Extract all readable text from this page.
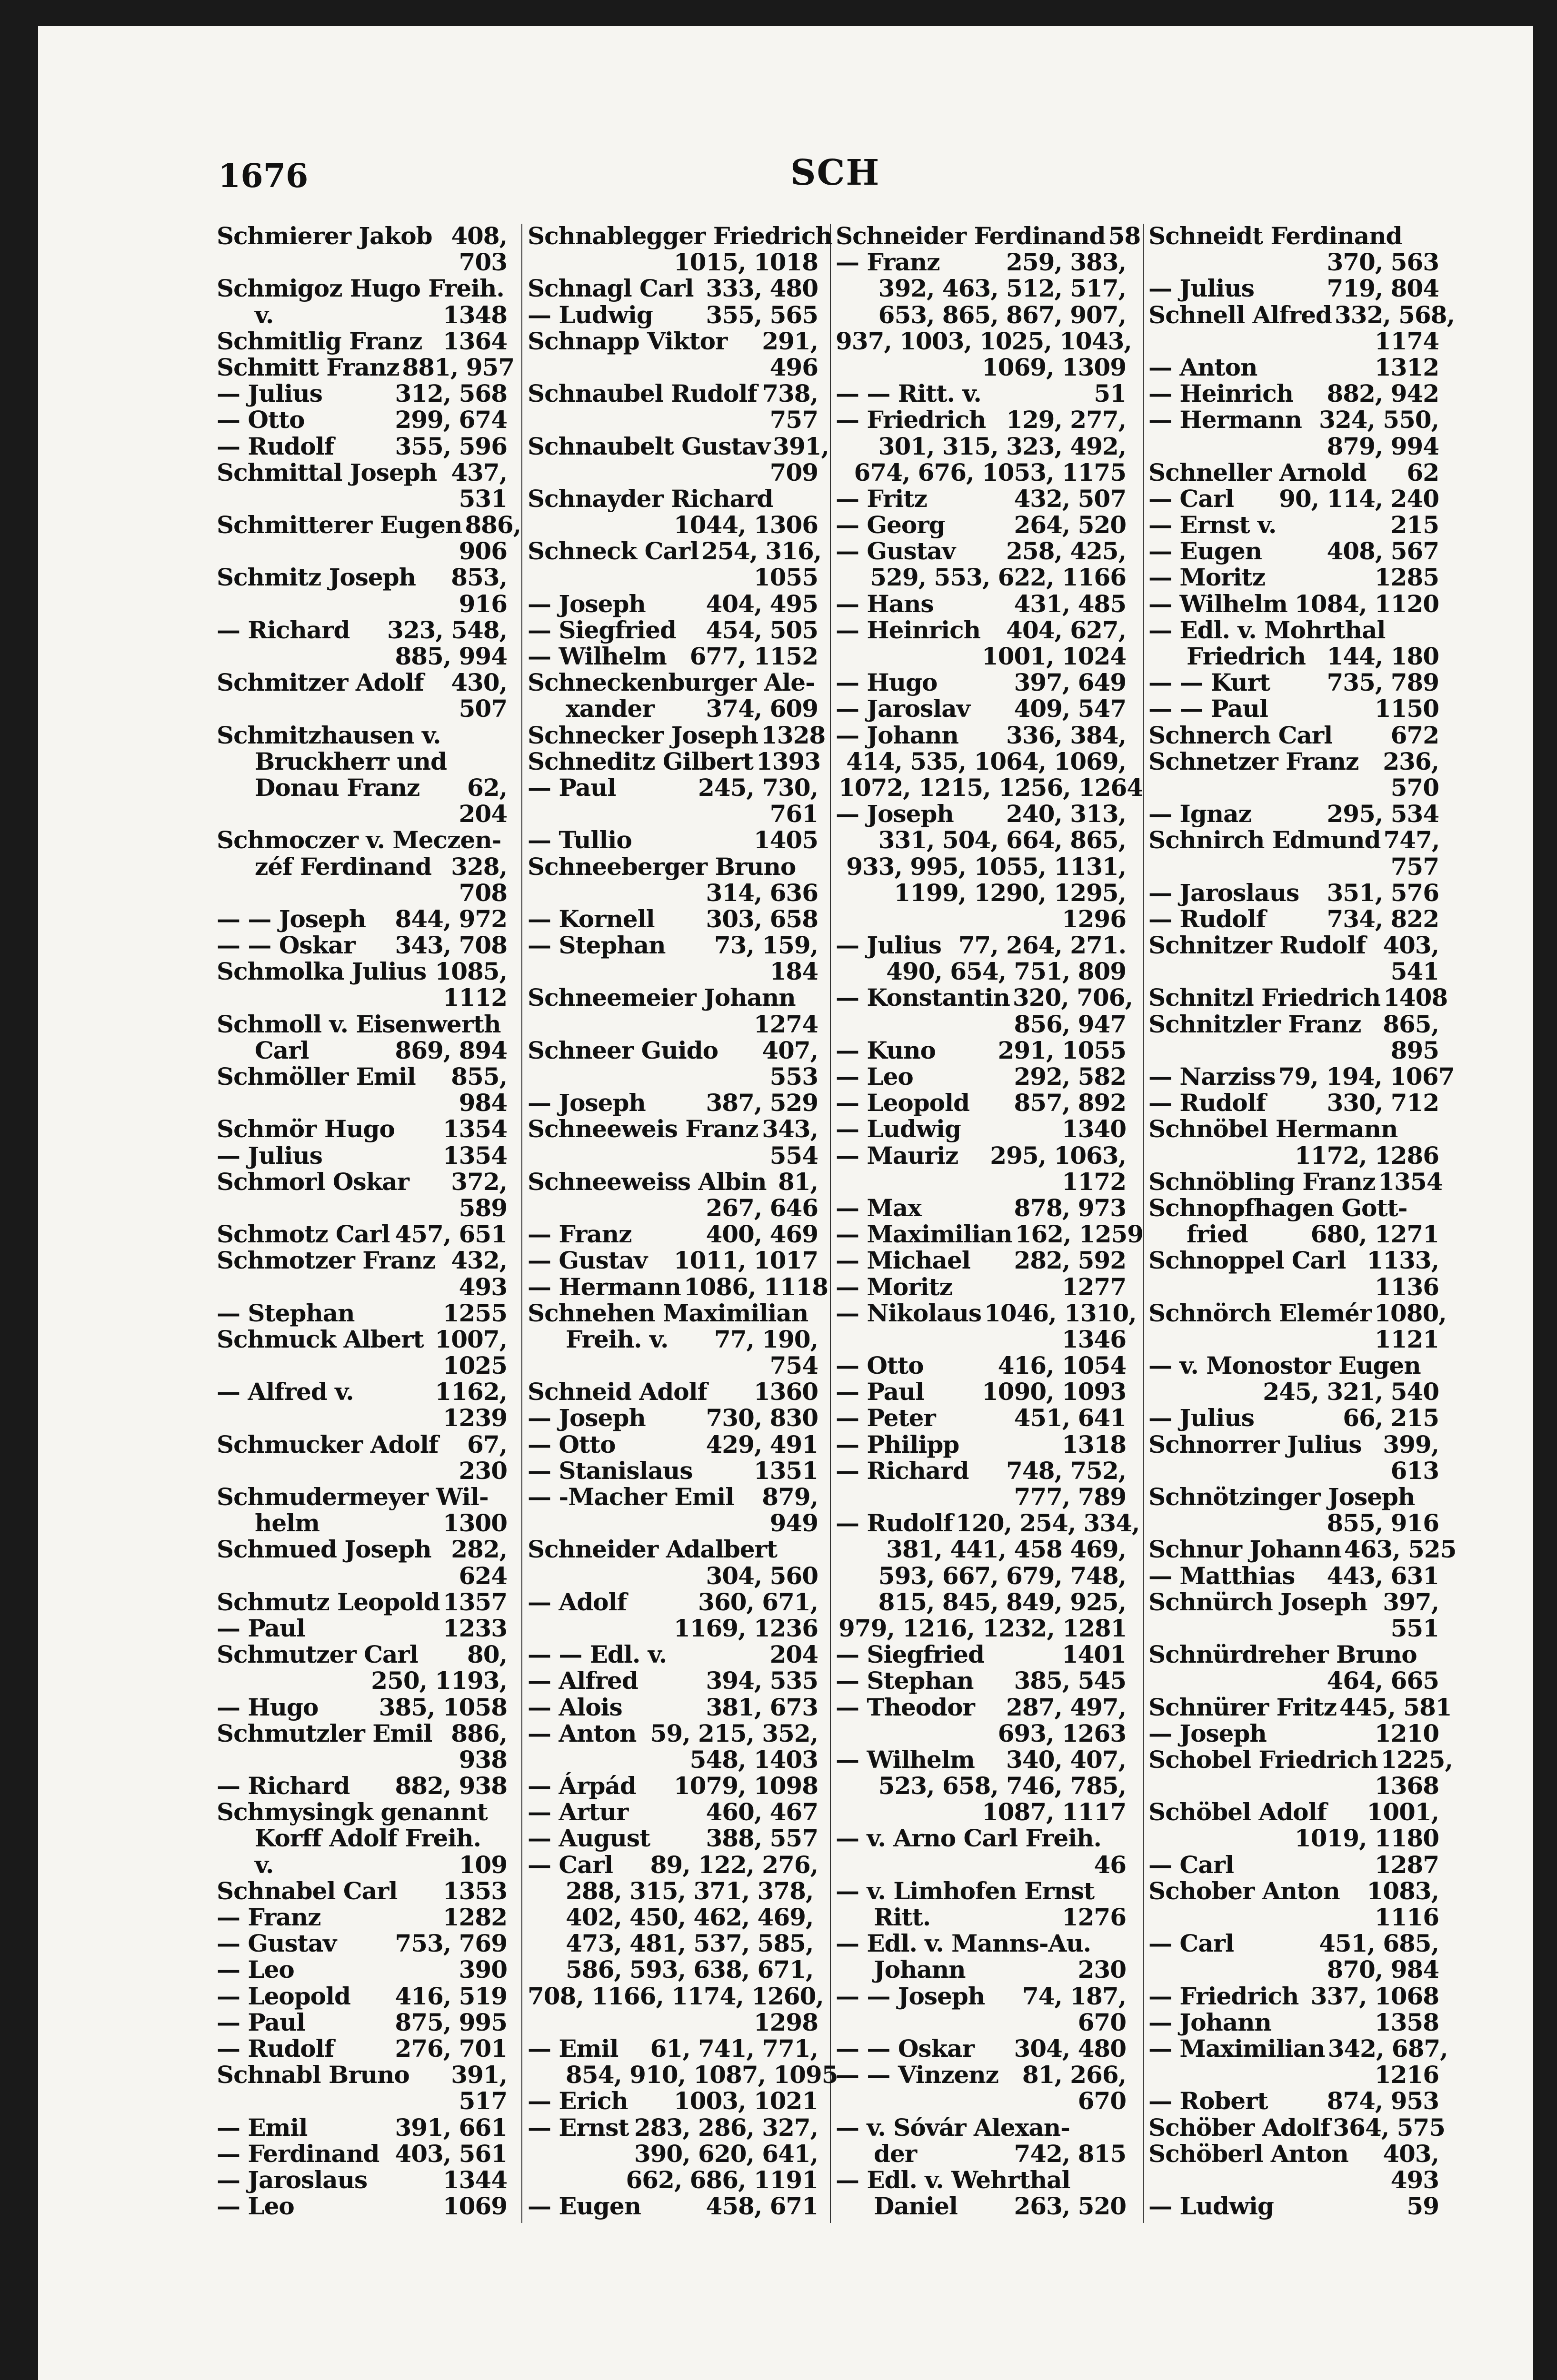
1676	SCH
Schmierer Jakob 408,
703
Schmigoz Hugo Freih.
v.	1348
Schmitlig Franz 1364
Schmitt Franz 881, 957
— Julius	312, 568
— Otto	299, 674
— Rudolf	355, 596
Schmittal Joseph 437,
531
Schmitterer Eugen 886,
906
Schmitz Joseph 853,
916
— Richard 323, 548,
885, 994
Schmitzer Adolf 430,
507
Schmitzhausen v.
Bruckherr und
Donau Franz 62,
204
Schmoczer v. Meczen-
zéf Ferdinand 328,
708
— — Joseph 844, 972
— — Oskar 343, 708
Schmolka Julius 1085,
1112
Schmoll v. Eisenwerth
Carl	869, 894
Schmöller Emil 855,
984
Schmör Hugo 1354
— Julius	1354
Schmorl Oskar 372,
589
Schmotz Carl 457, 651
Schmotzer Franz 432,
493
— Stephan	1255
Schmuck Albert 1007,
1025
— Alfred v.	1162,
1239
Schmucker Adolf 67,
230
Schmudermeyer Wil-
helm	1300
Schmued Joseph 282,
624
Schmutz Leopold 1357
— Paul	1233
Schmutzer Carl 80,
250, 1193,
— Hugo	385, 1058
Schmutzler Emil 886,
938
— Richard 882, 938
Schmysingk genannt
Korff Adolf Freih.
v.	109
Schnabel Carl 1353
— Franz	1282
— Gustav 753, 769
— Leo	390
— Leopold 416, 519
— Paul	875, 995
— Rudolf	276, 701
Schnabl Bruno 391,
517
— Emil	391, 661
— Ferdinand 403, 561
— Jaroslaus	1344
— Leo	1069
Schnablegger Friedrich
1015, 1018
Schnagl Carl 333, 480
— Ludwig 355, 565
Schnapp Viktor 291,
496
Schnaubel Rudolf 738,
757
Schnaubelt Gustav 391,
709
Schnayder Richard
1044, 1306
Schneck Carl 254, 316,
1055
— Joseph	404, 495
— Siegfried 454, 505
— Wilhelm 677, 1152
Schneckenburger Ale-
xander 374, 609
Schnecker Joseph 1328
Schneditz Gilbert 1393
— Paul	245, 730,
761
— Tullio	1405
Schneeberger Bruno
314, 636
— Kornell 303, 658
— Stephan 73, 159,
184
Schneemeier Johann
1274
Schneer Guido 407,
553
— Joseph	387, 529
Schneeweis Franz 343,
554
Schneeweiss Albin 81,
267, 646
— Franz	400, 469
— Gustav 1011, 1017
— Hermann 1086, 1118
Schnehen Maximilian
Freih. v. 77, 190,
754
Schneid Adolf 1360
— Joseph	730, 830
— Otto	429, 491
— Stanislaus	1351
— -Macher Emil 879,
949
Schneider Adalbert
304, 560
— Adolf	360, 671,
1169, 1236
— — Edl. v.	204
— Alfred	394, 535
— Alois	381, 673
— Anton 59, 215, 352,
548, 1403
— Árpád 1079, 1098
— Artur	460, 467
— August 388, 557
— Carl 89, 122, 276,
288, 315, 371, 378,
402, 450, 462, 469,
473, 481, 537, 585,
586, 593, 638, 671,
708, 1166, 1174, 1260,
1298
— Emil 61, 741, 771,
854, 910, 1087, 1095
— Erich 1003, 1021
— Ernst 283, 286, 327,
390, 620, 641,
662, 686, 1191
— Eugen	458, 671
Schneider Ferdinand 58
— Franz	259, 383,
392, 463, 512, 517,
653, 865, 867, 907,
937, 1003, 1025, 1043,
1069, 1309
— — Ritt. v.	51
— Friedrich 129, 277,
301, 315, 323, 492,
674, 676, 1053, 1175
— Fritz	432, 507
— Georg	264, 520
— Gustav 258, 425,
529, 553, 622, 1166
— Hans	431, 485
— Heinrich 404, 627,
1001, 1024
— Hugo	397, 649
— Jaroslav 409, 547
— Johann 336, 384,
414, 535, 1064, 1069,
1072, 1215, 1256, 1264
— Joseph 240, 313,
331, 504, 664, 865,
933, 995, 1055, 1131,
1199, 1290, 1295,
1296
— Julius 77, 264, 271.
490, 654, 751, 809
— Konstantin 320, 706,
856, 947
— Kuno	291, 1055
— Leo	292, 582
— Leopold 857, 892
— Ludwig	1340
— Mauriz 295, 1063,
1172
— Max	878, 973
— Maximilian 162, 1259
— Michael 282, 592
— Moritz	1277
— Nikolaus 1046, 1310,
1346
— Otto	416, 1054
— Paul 1090, 1093
— Peter	451, 641
— Philipp	1318
— Richard 748, 752,
777, 789
— Rudolf 120, 254, 334,
381, 441, 458 469,
593, 667, 679, 748,
815, 845, 849, 925,
979, 1216, 1232, 1281
— Siegfried	1401
— Stephan 385, 545
— Theodor 287, 497,
693, 1263
— Wilhelm 340, 407,
523, 658, 746, 785,
1087, 1117
— v. Arno Carl Freih.
46
— v. Limhofen Ernst
Ritt.	1276
— Edl. v. Manns-Au.
Johann	230
— — Joseph 74, 187,
670
— — Oskar 304, 480
— — Vinzenz 81, 266,
670
— v. Sóvár Alexan-
der	742, 815
— Edl. v. Wehrthal
Daniel 263, 520
Schneidt Ferdinand
370, 563
— Julius	719, 804
Schnell Alfred 332, 568,
1174
— Anton	1312
— Heinrich 882, 942
— Hermann 324, 550,
879, 994
Schneller Arnold 62
— Carl 90, 114, 240
— Ernst v.	215
— Eugen	408, 567
— Moritz	1285
— Wilhelm 1084, 1120
— Edl. v. Mohrthal
Friedrich 144, 180
— — Kurt 735, 789
— — Paul	1150
Schnerch Carl 672
Schnetzer Franz 236,
570
— Ignaz	295, 534
Schnirch Edmund 747,
757
— Jaroslaus 351, 576
— Rudolf	734, 822
Schnitzer Rudolf 403,
541
Schnitzl Friedrich 1408
Schnitzler Franz 865,
895
— Narziss 79, 194, 1067
— Rudolf	330, 712
Schnöbel Hermann
1172, 1286
Schnöbling Franz 1354
Schnopfhagen Gott-
fried	680, 1271
Schnoppel Carl 1133,
1136
Schnörch Elemér 1080,
1121
— v. Monostor Eugen
245, 321, 540
— Julius	66, 215
Schnorrer Julius 399,
613
Schnötzinger Joseph
855, 916
Schnur Johann 463, 525
— Matthias 443, 631
Schnürch Joseph 397,
551
Schnürdreher Bruno
464, 665
Schnürer Fritz 445, 581
— Joseph	1210
Schobel Friedrich 1225,
1368
Schöbel Adolf 1001,
1019, 1180
— Carl	1287
Schober Anton 1083,
1116
— Carl	451, 685,
870, 984
— Friedrich 337, 1068
— Johann	1358
— Maximilian 342, 687,
1216
— Robert 874, 953
Schöber Adolf 364, 575
Schöberl Anton 403,
493
— Ludwig	59
